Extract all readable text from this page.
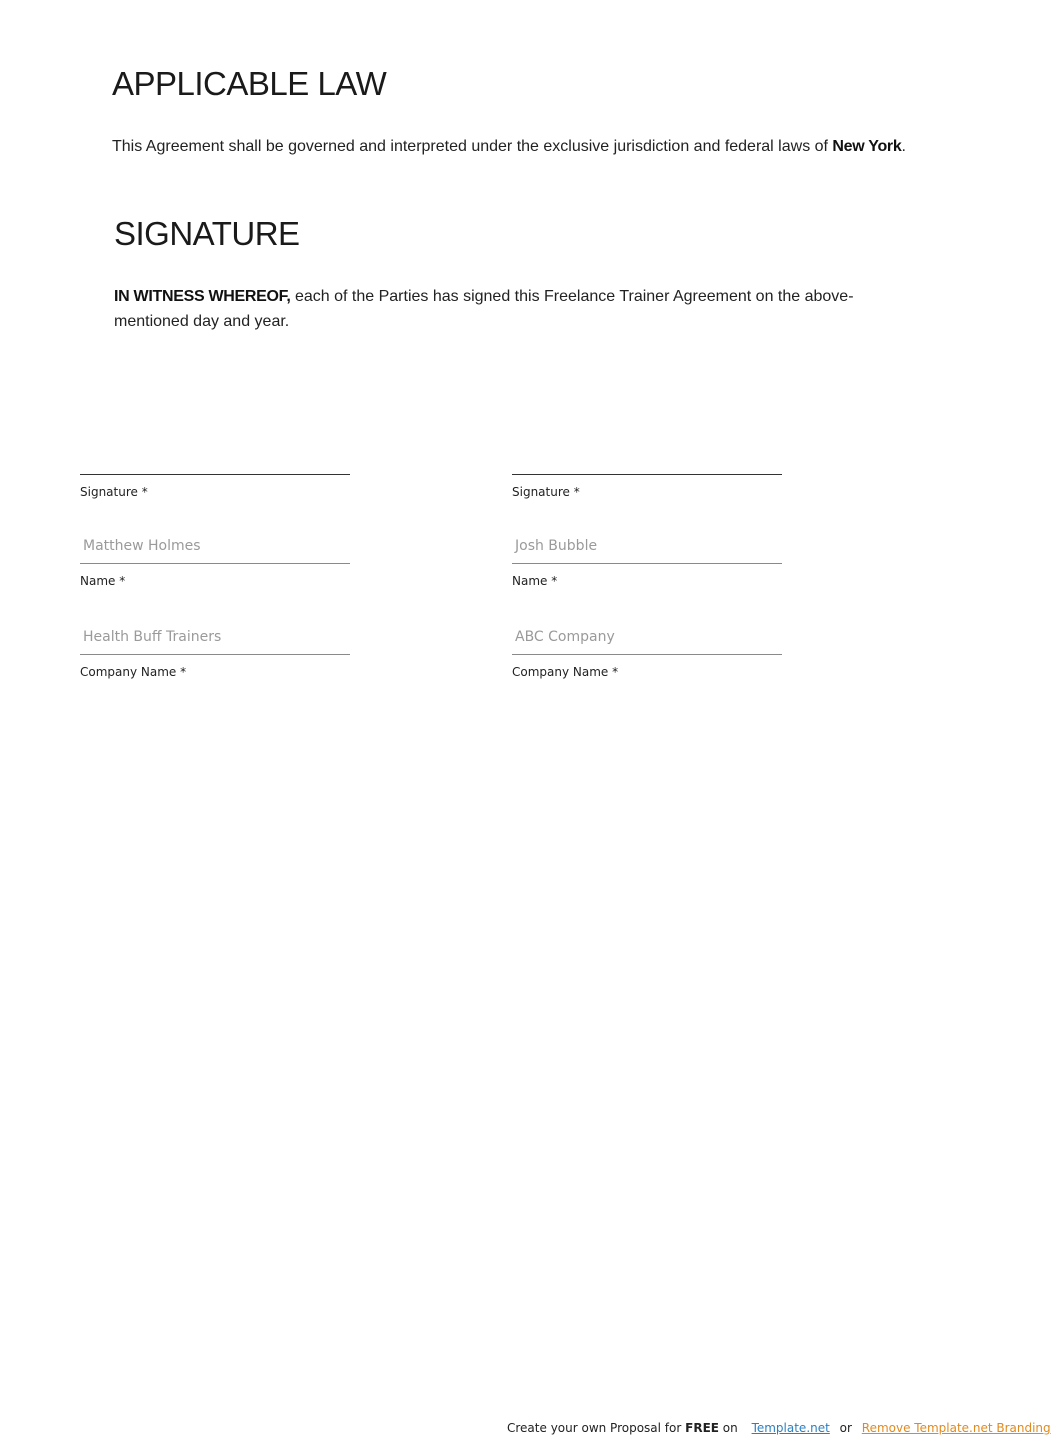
APPLICABLE LAW

This Agreement shall be governed and interpreted under the exclusive jurisdiction and federal laws of New York.

SIGNATURE

IN WITNESS WHEREOF, each of the Parties has signed this Freelance Trainer Agreement on the above-mentioned day and year.

Signature *
Matthew Holmes
Name *
Health Buff Trainers
Company Name *
Signature *
Josh Bubble
Name *
ABC Company
Company Name *
Create your own Proposal for FREE on Template.net or Remove Template.net Branding
